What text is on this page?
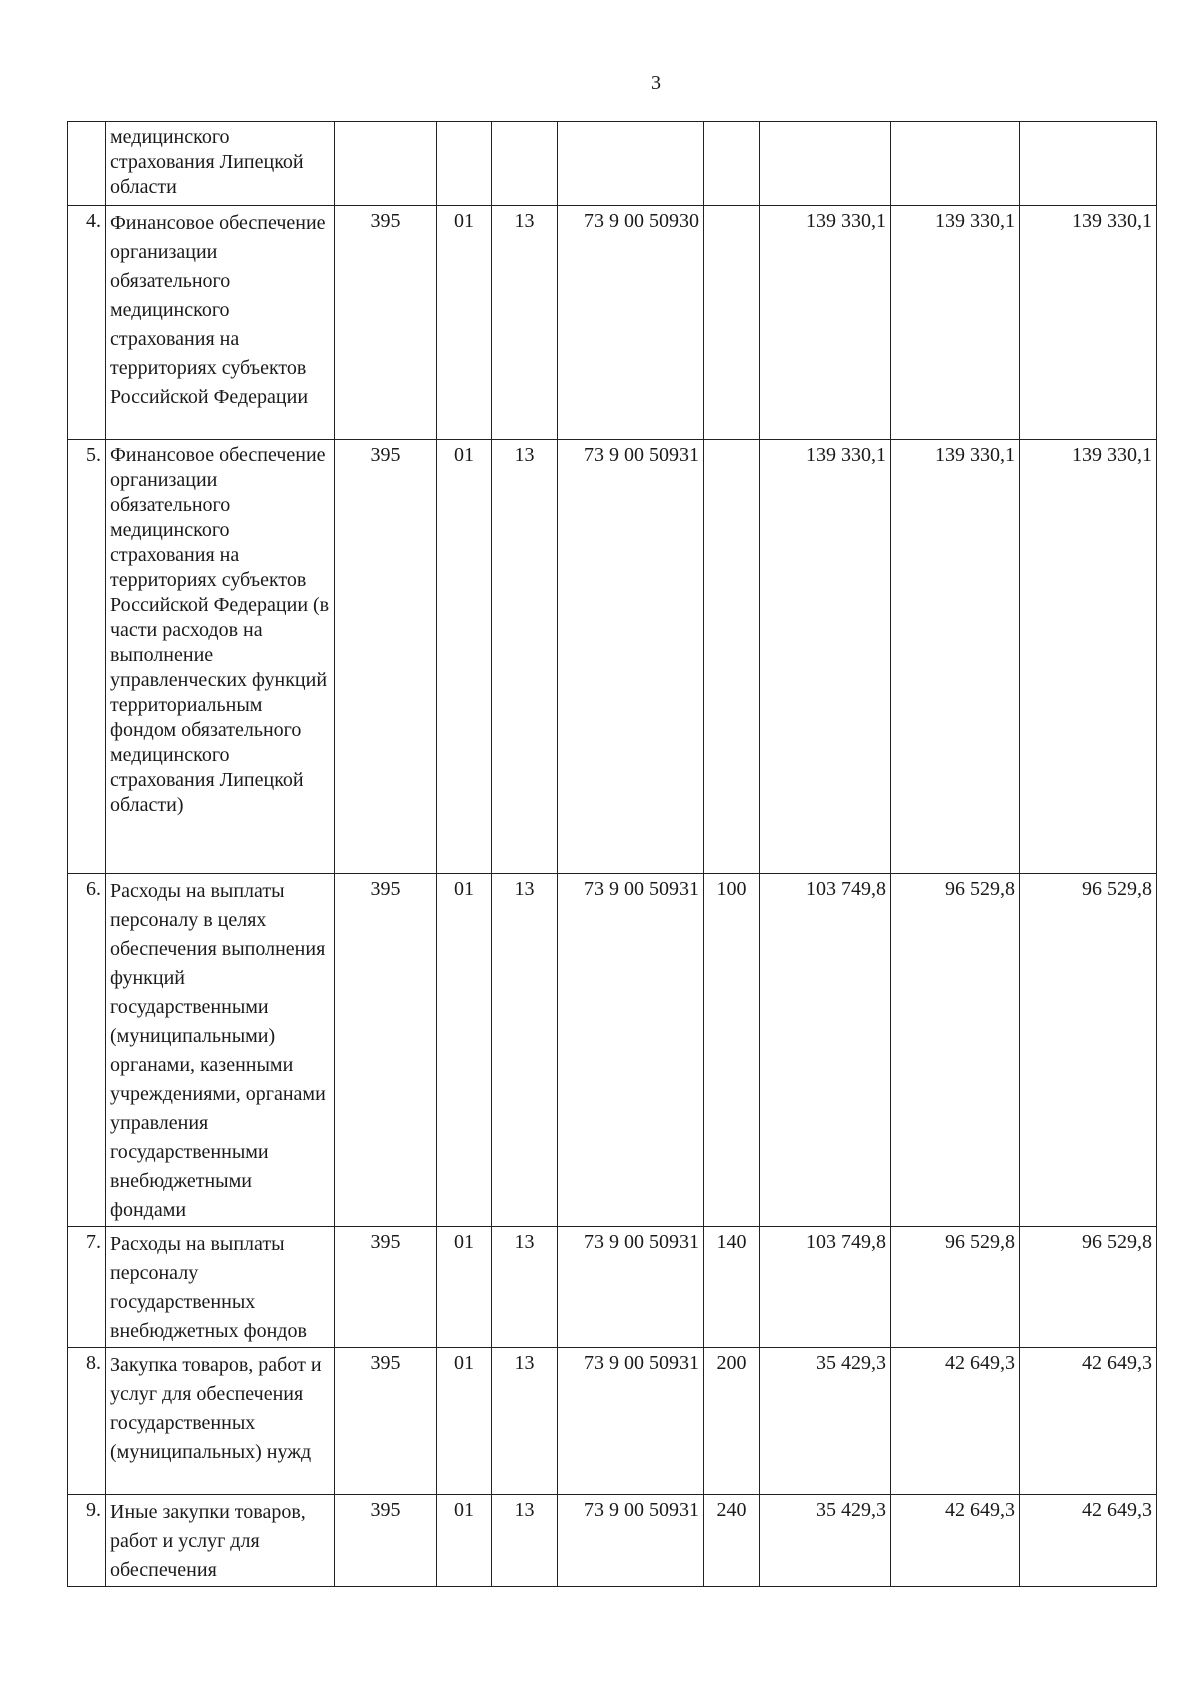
3
	медицинского страхования Липецкой области								
4.	Финансовое обеспечение организации обязательного медицинского страхования на территориях субъектов Российской Федерации	395	01	13	73 9 00 50930		139 330,1	139 330,1	139 330,1
5.	Финансовое обеспечение организации обязательного медицинского страхования на территориях субъектов Российской Федерации (в части расходов на выполнение управленческих функций территориальным фондом обязательного медицинского страхования Липецкой области)	395	01	13	73 9 00 50931		139 330,1	139 330,1	139 330,1
6.	Расходы на выплаты персоналу в целях обеспечения выполнения функций государственными (муниципальными) органами, казенными учреждениями, органами управления государственными внебюджетными фондами	395	01	13	73 9 00 50931	100	103 749,8	96 529,8	96 529,8
7.	Расходы на выплаты персоналу государственных внебюджетных фондов	395	01	13	73 9 00 50931	140	103 749,8	96 529,8	96 529,8
8.	Закупка товаров, работ и услуг для обеспечения государственных (муниципальных) нужд	395	01	13	73 9 00 50931	200	35 429,3	42 649,3	42 649,3
9.	Иные закупки товаров, работ и услуг для обеспечения	395	01	13	73 9 00 50931	240	35 429,3	42 649,3	42 649,3
